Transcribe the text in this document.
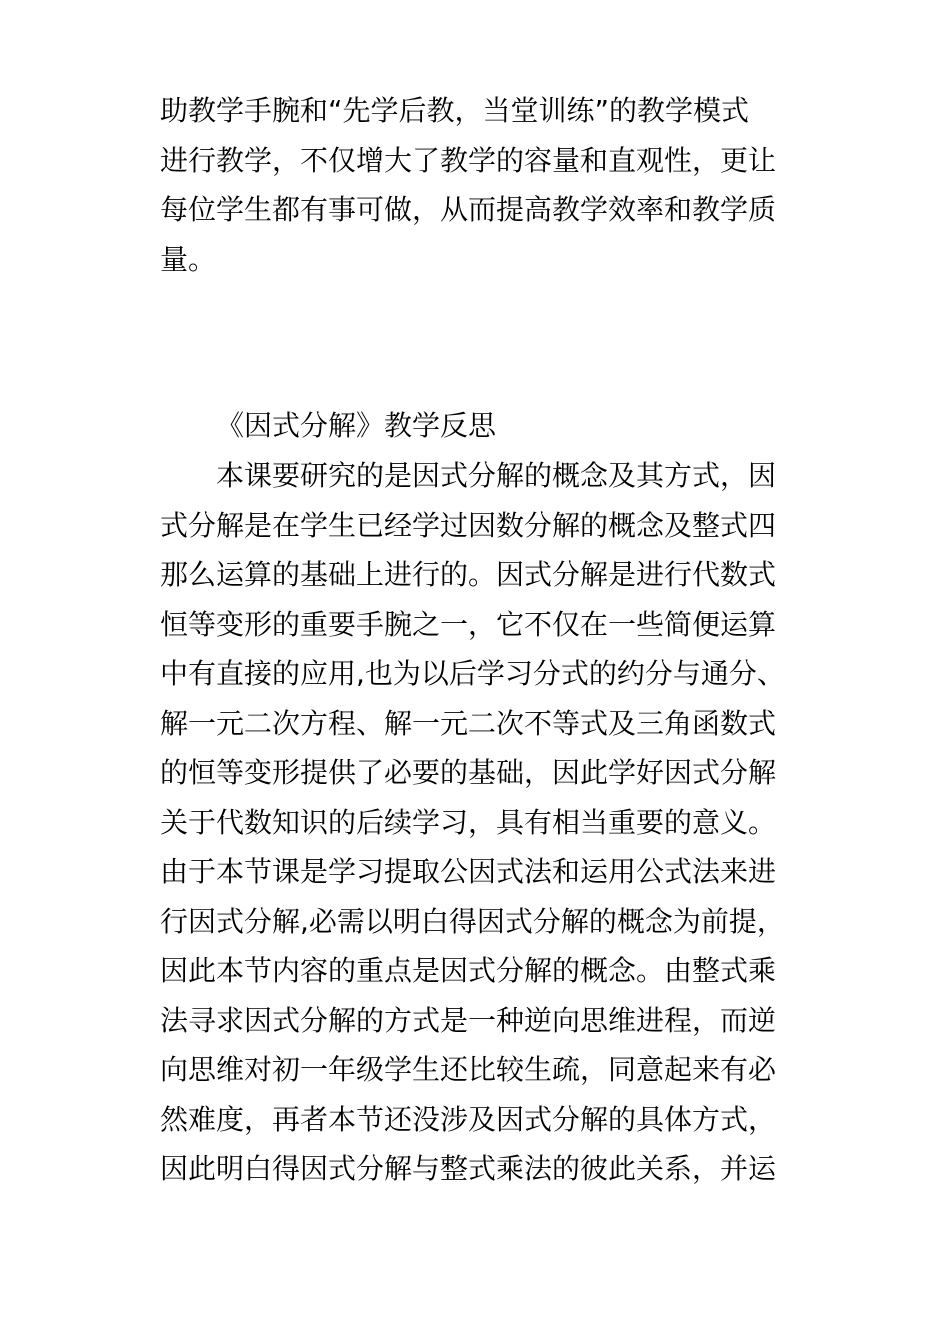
助教学手腕和“先学后教，当堂训练”的教学模式
进行教学，不仅增大了教学的容量和直观性，更让
每位学生都有事可做，从而提高教学效率和教学质
量。
《因式分解》教学反思
本课要研究的是因式分解的概念及其方式，因
式分解是在学生已经学过因数分解的概念及整式四
那么运算的基础上进行的。因式分解是进行代数式
恒等变形的重要手腕之一，它不仅在一些简便运算
中有直接的应用,也为以后学习分式的约分与通分、
解一元二次方程、解一元二次不等式及三角函数式
的恒等变形提供了必要的基础，因此学好因式分解
关于代数知识的后续学习，具有相当重要的意义。
由于本节课是学习提取公因式法和运用公式法来进
行因式分解,必需以明白得因式分解的概念为前提，
因此本节内容的重点是因式分解的概念。由整式乘
法寻求因式分解的方式是一种逆向思维进程，而逆
向思维对初一年级学生还比较生疏，同意起来有必
然难度，再者本节还没涉及因式分解的具体方式，
因此明白得因式分解与整式乘法的彼此关系，并运
